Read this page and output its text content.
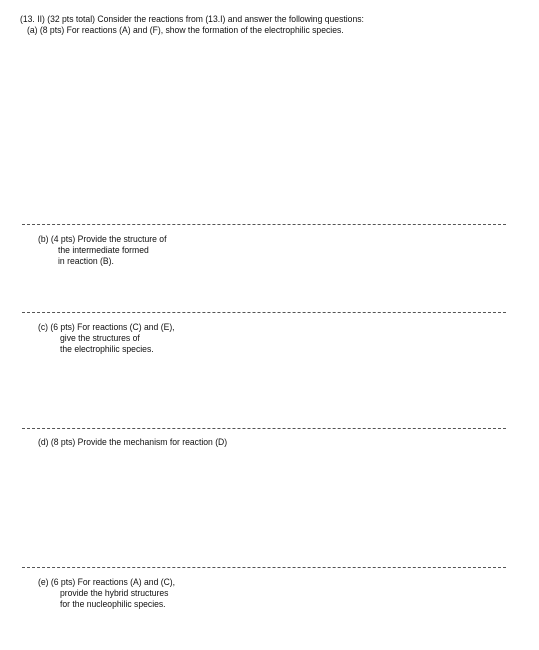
(13. II) (32 pts total) Consider the reactions from (13.I) and answer the following questions:
(a) (8 pts) For reactions (A) and (F), show the formation of the electrophilic species.
(b) (4 pts) Provide the structure of
the intermediate formed
in reaction (B).
(c) (6 pts) For reactions (C) and (E),
give the structures of
the electrophilic species.
(d) (8 pts) Provide the mechanism for reaction (D)
(e) (6 pts) For reactions (A) and (C),
provide the hybrid structures
for the nucleophilic species.
